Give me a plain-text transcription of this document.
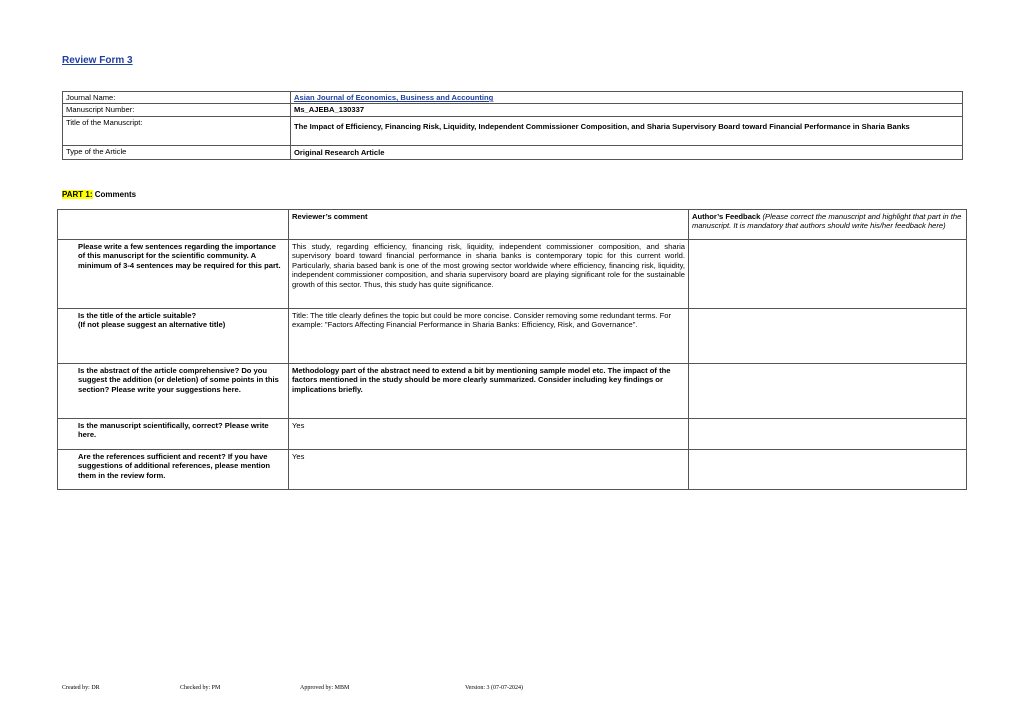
Review Form 3
Journal Name:	Asian Journal of Economics, Business and Accounting
Manuscript Number:	Ms_AJEBA_130337
Title of the Manuscript:	The Impact of Efficiency, Financing Risk, Liquidity, Independent Commissioner Composition, and Sharia Supervisory Board toward Financial Performance in Sharia Banks
Type of the Article	Original Research Article
PART 1: Comments
	Reviewer’s comment	Author’s Feedback (Please correct the manuscript and highlight that part in the manuscript. It is mandatory that authors should write his/her feedback here)
Please write a few sentences regarding the importance of this manuscript for the scientific community. A minimum of 3-4 sentences may be required for this part.	This study, regarding efficiency, financing risk, liquidity, independent commissioner composition, and sharia supervisory board toward financial performance in sharia banks is contemporary topic for this current world. Particularly, sharia based bank is one of the most growing sector worldwide where efficiency, financing risk, liquidity, independent commissioner composition, and sharia supervisory board are playing significant role for the sustainable growth of this sector. Thus, this study has quite significance.	
Is the title of the article suitable?
(If not please suggest an alternative title)	Title: The title clearly defines the topic but could be more concise. Consider removing some redundant terms. For example: "Factors Affecting Financial Performance in Sharia Banks: Efficiency, Risk, and Governance".	
Is the abstract of the article comprehensive? Do you suggest the addition (or deletion) of some points in this section? Please write your suggestions here.	Methodology part of the abstract need to extend a bit by mentioning sample model etc. The impact of the factors mentioned in the study should be more clearly summarized. Consider including key findings or implications briefly.	
Is the manuscript scientifically, correct? Please write here.	Yes	
Are the references sufficient and recent? If you have suggestions of additional references, please mention them in the review form.	Yes	
Created by: DR	Checked by: PM	Approved by: MBM	Version: 3 (07-07-2024)
